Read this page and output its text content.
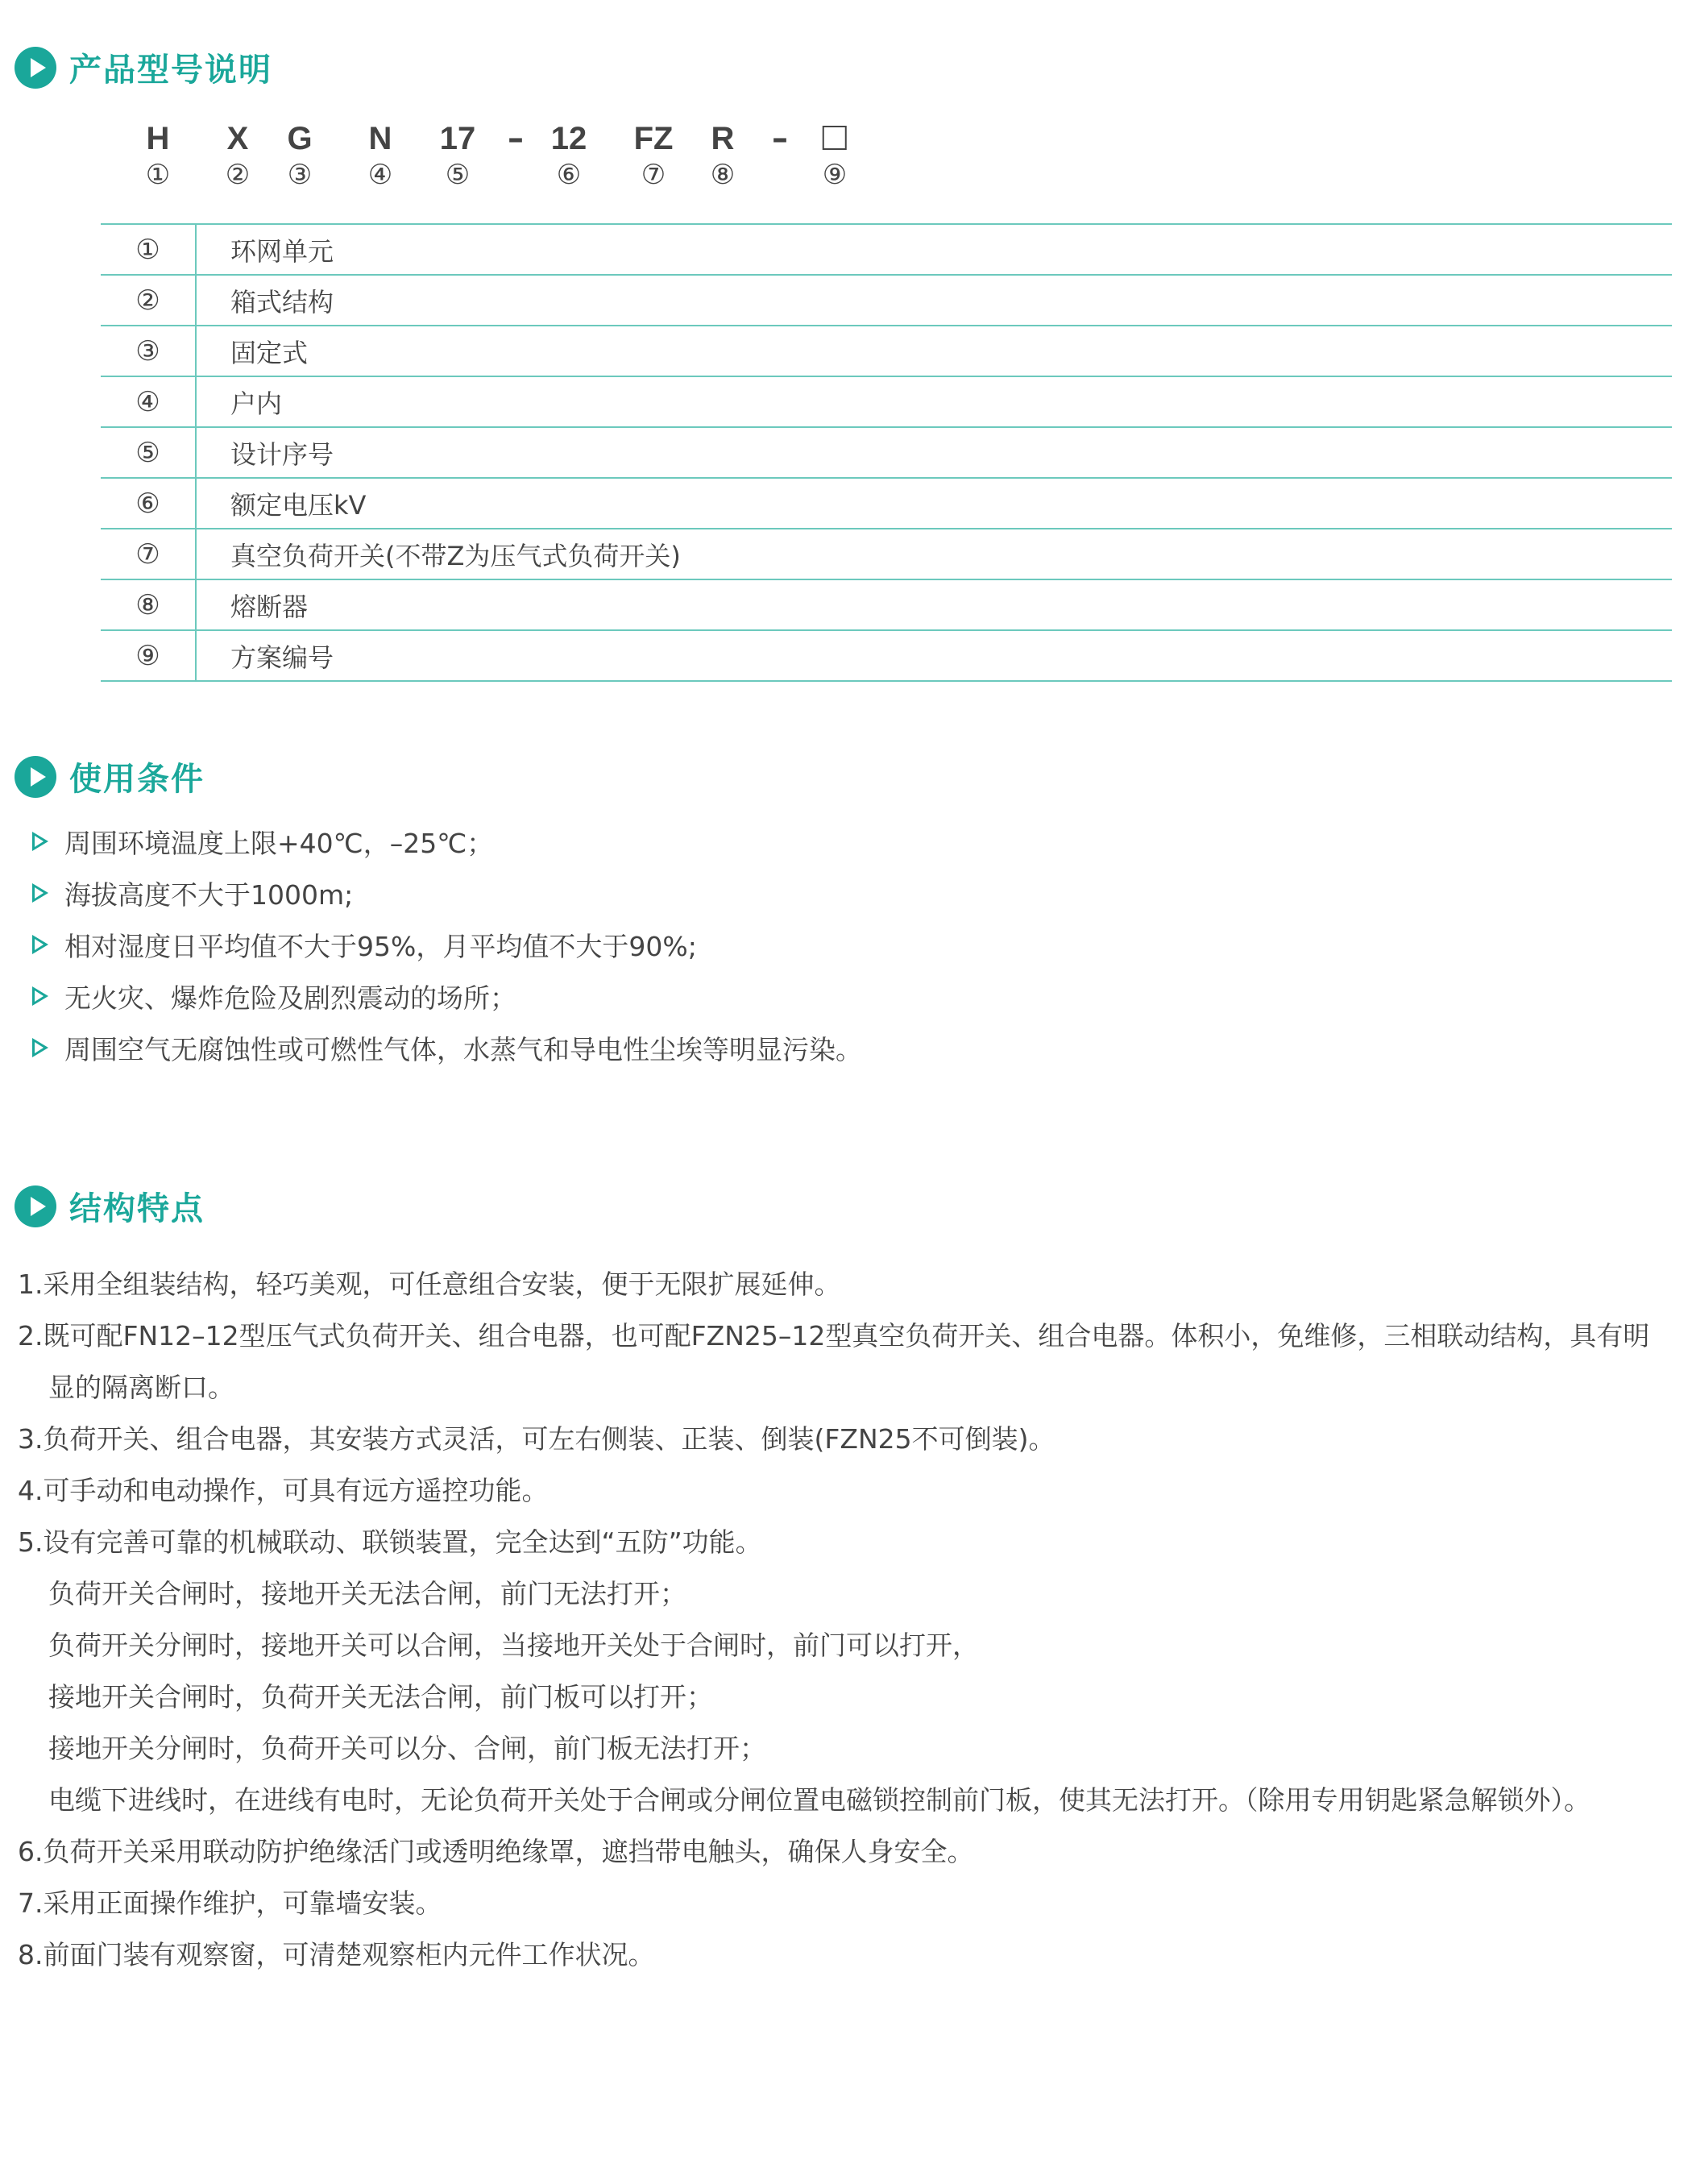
产品型号说明
H
①
X
②
G
③
N
④
17
⑤
– 12
⑥
FZ
⑦
R
⑧
–
⑨
①	环网单元
②	箱式结构
③	固定式
④	户内
⑤	设计序号
⑥	额定电压kV
⑦	真空负荷开关(不带Z为压气式负荷开关)
⑧	熔断器
⑨	方案编号
使用条件
周围环境温度上限+40℃，–25℃；
海拔高度不大于1000m;
相对湿度日平均值不大于95%，月平均值不大于90%;
无火灾、爆炸危险及剧烈震动的场所；
周围空气无腐蚀性或可燃性气体，水蒸气和导电性尘埃等明显污染。
结构特点
1.采用全组装结构，轻巧美观，可任意组合安装，便于无限扩展延伸。
2.既可配FN12–12型压气式负荷开关、组合电器，也可配FZN25–12型真空负荷开关、组合电器。体积小，免维修，三相联动结构，具有明
显的隔离断口。
3.负荷开关、组合电器，其安装方式灵活，可左右侧装、正装、倒装(FZN25不可倒装)。
4.可手动和电动操作，可具有远方遥控功能。
5.设有完善可靠的机械联动、联锁装置，完全达到“五防”功能。
负荷开关合闸时，接地开关无法合闸，前门无法打开；
负荷开关分闸时，接地开关可以合闸，当接地开关处于合闸时，前门可以打开，
接地开关合闸时，负荷开关无法合闸，前门板可以打开；
接地开关分闸时，负荷开关可以分、合闸，前门板无法打开；
电缆下进线时，在进线有电时，无论负荷开关处于合闸或分闸位置电磁锁控制前门板，使其无法打开。（除用专用钥匙紧急解锁外）。
6.负荷开关采用联动防护绝缘活门或透明绝缘罩，遮挡带电触头，确保人身安全。
7.采用正面操作维护，可靠墙安装。
8.前面门装有观察窗，可清楚观察柜内元件工作状况。
